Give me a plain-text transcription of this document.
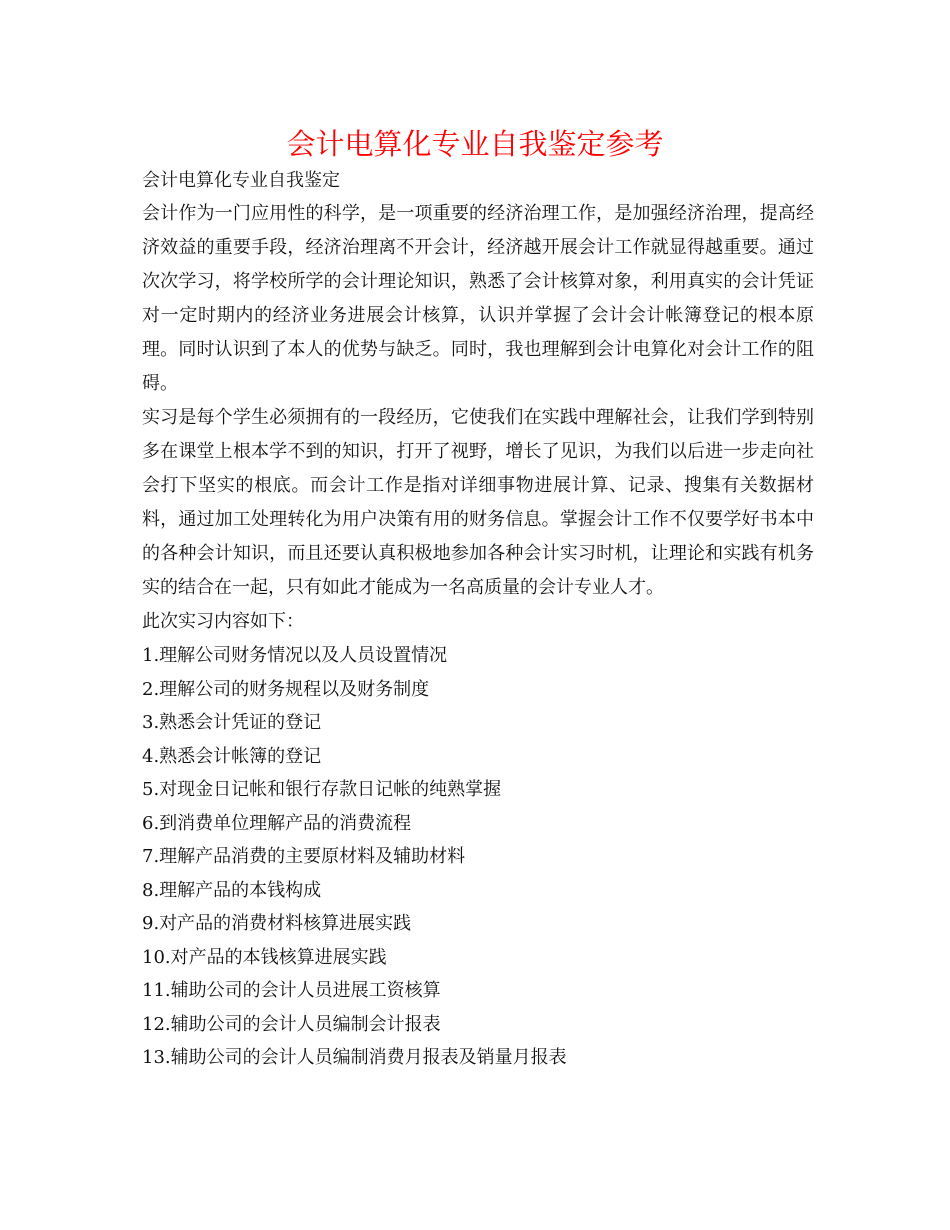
会计电算化专业自我鉴定参考

会计电算化专业自我鉴定

会计作为一门应用性的科学，是一项重要的经济治理工作，是加强经济治理，提高经济效益的重要手段，经济治理离不开会计，经济越开展会计工作就显得越重要。通过次次学习，将学校所学的会计理论知识，熟悉了会计核算对象，利用真实的会计凭证对一定时期内的经济业务进展会计核算，认识并掌握了会计会计帐簿登记的根本原理。同时认识到了本人的优势与缺乏。同时，我也理解到会计电算化对会计工作的阻碍。

实习是每个学生必须拥有的一段经历，它使我们在实践中理解社会，让我们学到特别多在课堂上根本学不到的知识，打开了视野，增长了见识，为我们以后进一步走向社会打下坚实的根底。而会计工作是指对详细事物进展计算、记录、搜集有关数据材料，通过加工处理转化为用户决策有用的财务信息。掌握会计工作不仅要学好书本中的各种会计知识，而且还要认真积极地参加各种会计实习时机，让理论和实践有机务实的结合在一起，只有如此才能成为一名高质量的会计专业人才。

此次实习内容如下：

1.理解公司财务情况以及人员设置情况
2.理解公司的财务规程以及财务制度
3.熟悉会计凭证的登记
4.熟悉会计帐簿的登记
5.对现金日记帐和银行存款日记帐的纯熟掌握
6.到消费单位理解产品的消费流程
7.理解产品消费的主要原材料及辅助材料
8.理解产品的本钱构成
9.对产品的消费材料核算进展实践
10.对产品的本钱核算进展实践
11.辅助公司的会计人员进展工资核算
12.辅助公司的会计人员编制会计报表
13.辅助公司的会计人员编制消费月报表及销量月报表
